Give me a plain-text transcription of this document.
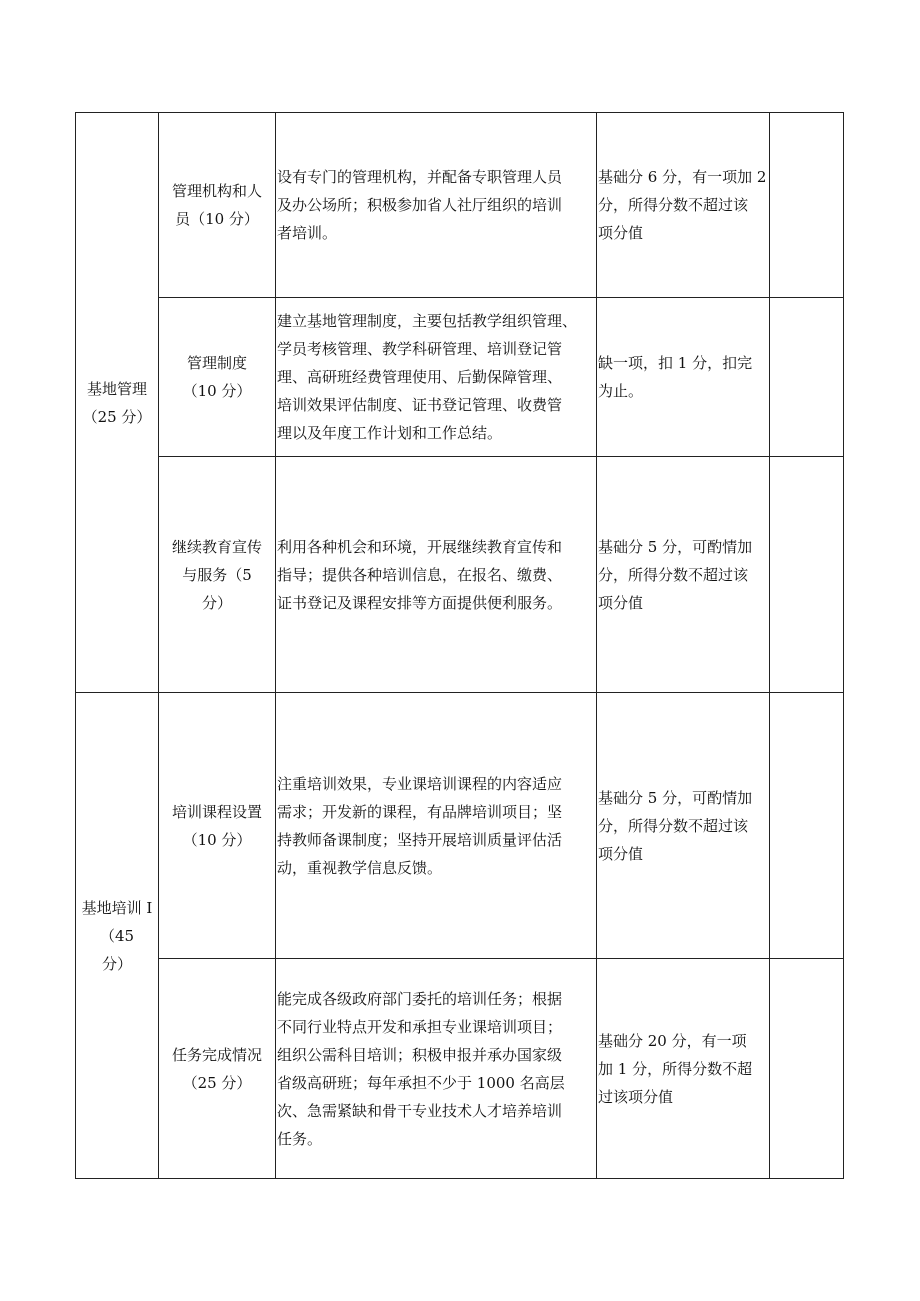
基地管理
（25 分）
管理机构和人
员（10 分）
设有专门的管理机构，并配备专职管理人员
及办公场所；积极参加省人社厅组织的培训
者培训。
基础分 6 分，有一项加 2
分，所得分数不超过该
项分值
管理制度
（10 分）
建立基地管理制度，主要包括教学组织管理、
学员考核管理、教学科研管理、培训登记管
理、高研班经费管理使用、后勤保障管理、
培训效果评估制度、证书登记管理、收费管
理以及年度工作计划和工作总结。
缺一项，扣 1 分，扣完
为止。
继续教育宣传
与服务（5
分）
利用各种机会和环境，开展继续教育宣传和
指导；提供各种培训信息，在报名、缴费、
证书登记及课程安排等方面提供便利服务。
基础分 5 分，可酌情加
分，所得分数不超过该
项分值
基地培训 I
（45
分）
培训课程设置
（10 分）
注重培训效果，专业课培训课程的内容适应
需求；开发新的课程，有品牌培训项目；坚
持教师备课制度；坚持开展培训质量评估活
动，重视教学信息反馈。
基础分 5 分，可酌情加
分，所得分数不超过该
项分值
任务完成情况
（25 分）
能完成各级政府部门委托的培训任务；根据
不同行业特点开发和承担专业课培训项目；
组织公需科目培训；积极申报并承办国家级
省级高研班；每年承担不少于 1000 名高层
次、急需紧缺和骨干专业技术人才培养培训
任务。
基础分 20 分，有一项
加 1 分，所得分数不超
过该项分值
